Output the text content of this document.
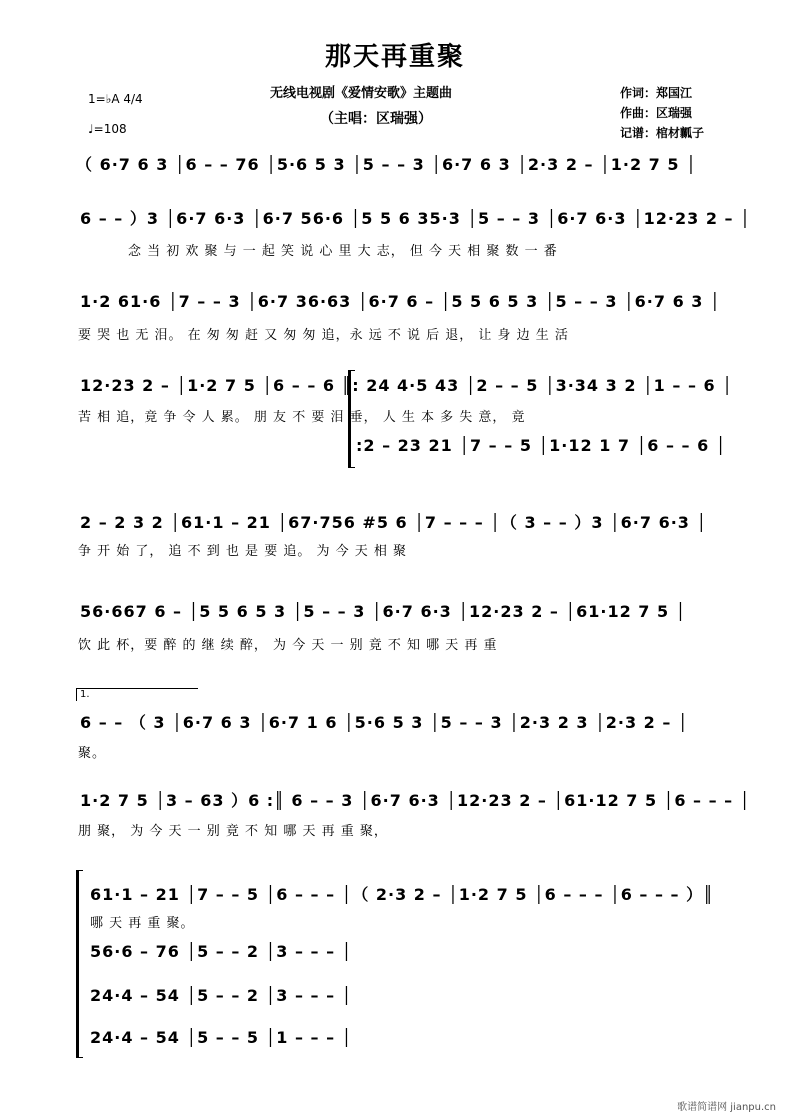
那天再重聚
无线电视剧《爱情安歌》主题曲
（主唱：区瑞强）
作词：郑国江
作曲：区瑞强
记谱：棺材瓤子
1=♭A 4/4
♩=108
（ 6·7 6 3 │6 – – 76 │5·6 5 3 │5 – – 3 │6·7 6 3 │2·3 2 – │1·2 7 5 │
6 – – ）3 │6·7 6·3 │6·7 56·6 │5 5 6 35·3 │5 – – 3 │6·7 6·3 │12·23 2 – │
念 当 初 欢 聚 与 一 起 笑 说 心 里 大 志， 但 今 天 相 聚 数 一 番
1·2 61·6 │7 – – 3 │6·7 36·63 │6·7 6 – │5 5 6 5 3 │5 – – 3 │6·7 6 3 │
要 哭 也 无 泪。 在 匆 匆 赶 又 匆 匆 追，永 远 不 说 后 退， 让 身 边 生 活
12·23 2 – │1·2 7 5 │6 – – 6 ║: 24 4·5 43 │2 – – 5 │3·34 3 2 │1 – – 6 │
苦 相 追，竟 争 令 人 累。 朋 友 不 要 泪 垂， 人 生 本 多 失 意， 竟
:2 – 23 21 │7 – – 5 │1·12 1 7 │6 – – 6 │
2 – 2 3 2 │61·1 – 21 │67·756 #5 6 │7 – – – │（ 3 – – ）3 │6·7 6·3 │
争 开 始 了， 追 不 到 也 是 要 追。 为 今 天 相 聚
56·667 6 – │5 5 6 5 3 │5 – – 3 │6·7 6·3 │12·23 2 – │61·12 7 5 │
饮 此 杯，要 醉 的 继 续 醉， 为 今 天 一 别 竟 不 知 哪 天 再 重
1.
6 – – （ 3 │6·7 6 3 │6·7 1 6 │5·6 5 3 │5 – – 3 │2·3 2 3 │2·3 2 – │
聚。
1·2 7 5 │3 – 63 ）6 :║ 6 – – 3 │6·7 6·3 │12·23 2 – │61·12 7 5 │6 – – – │
朋 聚， 为 今 天 一 别 竟 不 知 哪 天 再 重 聚，
61·1 – 21 │7 – – 5 │6 – – – │（ 2·3 2 – │1·2 7 5 │6 – – – │6 – – – ）║
哪 天 再 重 聚。
56·6 – 76 │5 – – 2 │3 – – – │
24·4 – 54 │5 – – 2 │3 – – – │
24·4 – 54 │5 – – 5 │1 – – – │
歌谱简谱网 jianpu.cn
